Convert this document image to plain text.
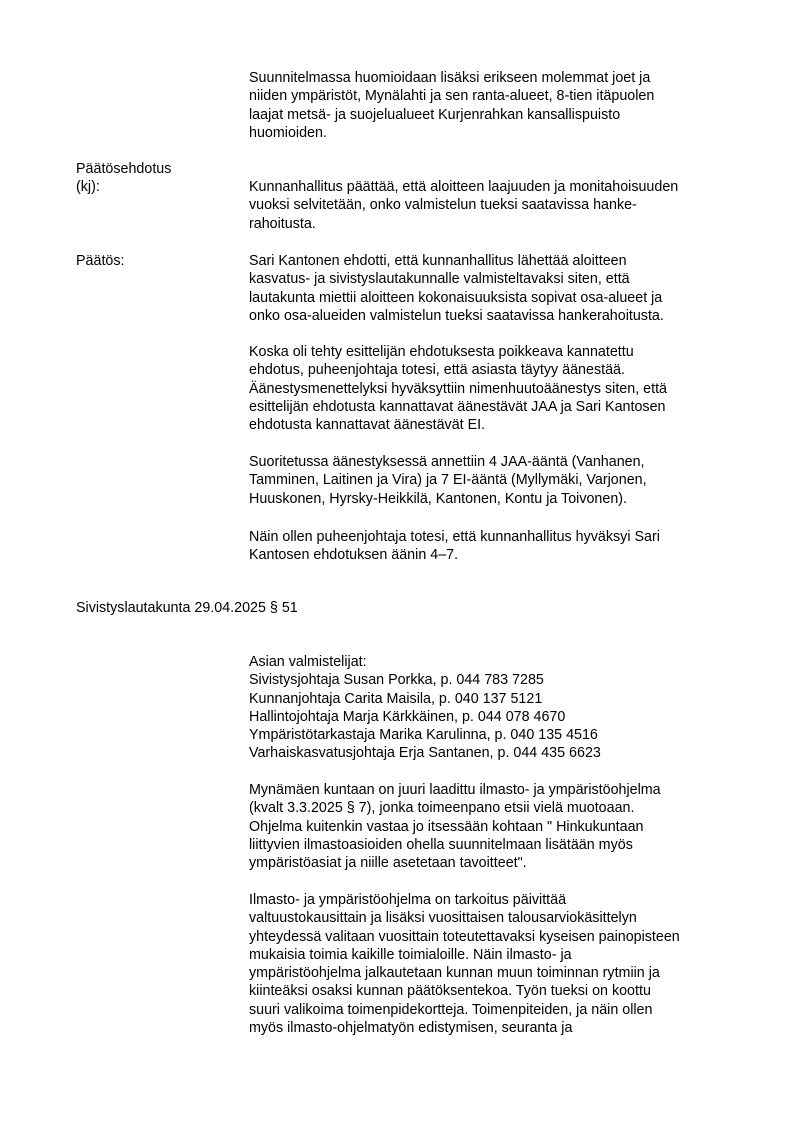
Suunnitelmassa huomioidaan lisäksi erikseen molemmat joet ja
niiden ympäristöt, Mynälahti ja sen ranta-alueet, 8-tien itäpuolen
laajat metsä- ja suojelualueet Kurjenrahkan kansallispuisto
huomioiden.
Päätösehdotus
(kj):	Kunnanhallitus päättää, että aloitteen laajuuden ja monitahoisuuden
vuoksi selvitetään, onko valmistelun tueksi saatavissa hanke-
rahoitusta.
Päätös:	Sari Kantonen ehdotti, että kunnanhallitus lähettää aloitteen
kasvatus- ja sivistyslautakunnalle valmisteltavaksi siten, että
lautakunta miettii aloitteen kokonaisuuksista sopivat osa-alueet ja
onko osa-alueiden valmistelun tueksi saatavissa hankerahoitusta.
Koska oli tehty esittelijän ehdotuksesta poikkeava kannatettu
ehdotus, puheenjohtaja totesi, että asiasta täytyy äänestää.
Äänestysmenettelyksi hyväksyttiin nimenhuutoäänestys siten, että
esittelijän ehdotusta kannattavat äänestävät JAA ja Sari Kantosen
ehdotusta kannattavat äänestävät EI.
Suoritetussa äänestyksessä annettiin 4 JAA-ääntä (Vanhanen,
Tamminen, Laitinen ja Vira) ja 7 EI-ääntä (Myllymäki, Varjonen,
Huuskonen, Hyrsky-Heikkilä, Kantonen, Kontu ja Toivonen).
Näin ollen puheenjohtaja totesi, että kunnanhallitus hyväksyi Sari
Kantosen ehdotuksen äänin 4–7.
Sivistyslautakunta 29.04.2025 § 51
Asian valmistelijat:
Sivistysjohtaja Susan Porkka, p. 044 783 7285
Kunnanjohtaja Carita Maisila, p. 040 137 5121
Hallintojohtaja Marja Kärkkäinen, p. 044 078 4670
Ympäristötarkastaja Marika Karulinna, p. 040 135 4516
Varhaiskasvatusjohtaja Erja Santanen, p. 044 435 6623
Mynämäen kuntaan on juuri laadittu ilmasto- ja ympäristöohjelma
(kvalt 3.3.2025 § 7), jonka toimeenpano etsii vielä muotoaan.
Ohjelma kuitenkin vastaa jo itsessään kohtaan " Hinkukuntaan
liittyvien ilmastoasioiden ohella suunnitelmaan lisätään myös
ympäristöasiat ja niille asetetaan tavoitteet".
Ilmasto- ja ympäristöohjelma on tarkoitus päivittää
valtuustokausittain ja lisäksi vuosittaisen talousarviokäsittelyn
yhteydessä valitaan vuosittain toteutettavaksi kyseisen painopisteen
mukaisia toimia kaikille toimialoille. Näin ilmasto- ja
ympäristöohjelma jalkautetaan kunnan muun toiminnan rytmiin ja
kiinteäksi osaksi kunnan päätöksentekoa. Työn tueksi on koottu
suuri valikoima toimenpidekortteja. Toimenpiteiden, ja näin ollen
myös ilmasto-ohjelmatyön edistymisen, seuranta ja
